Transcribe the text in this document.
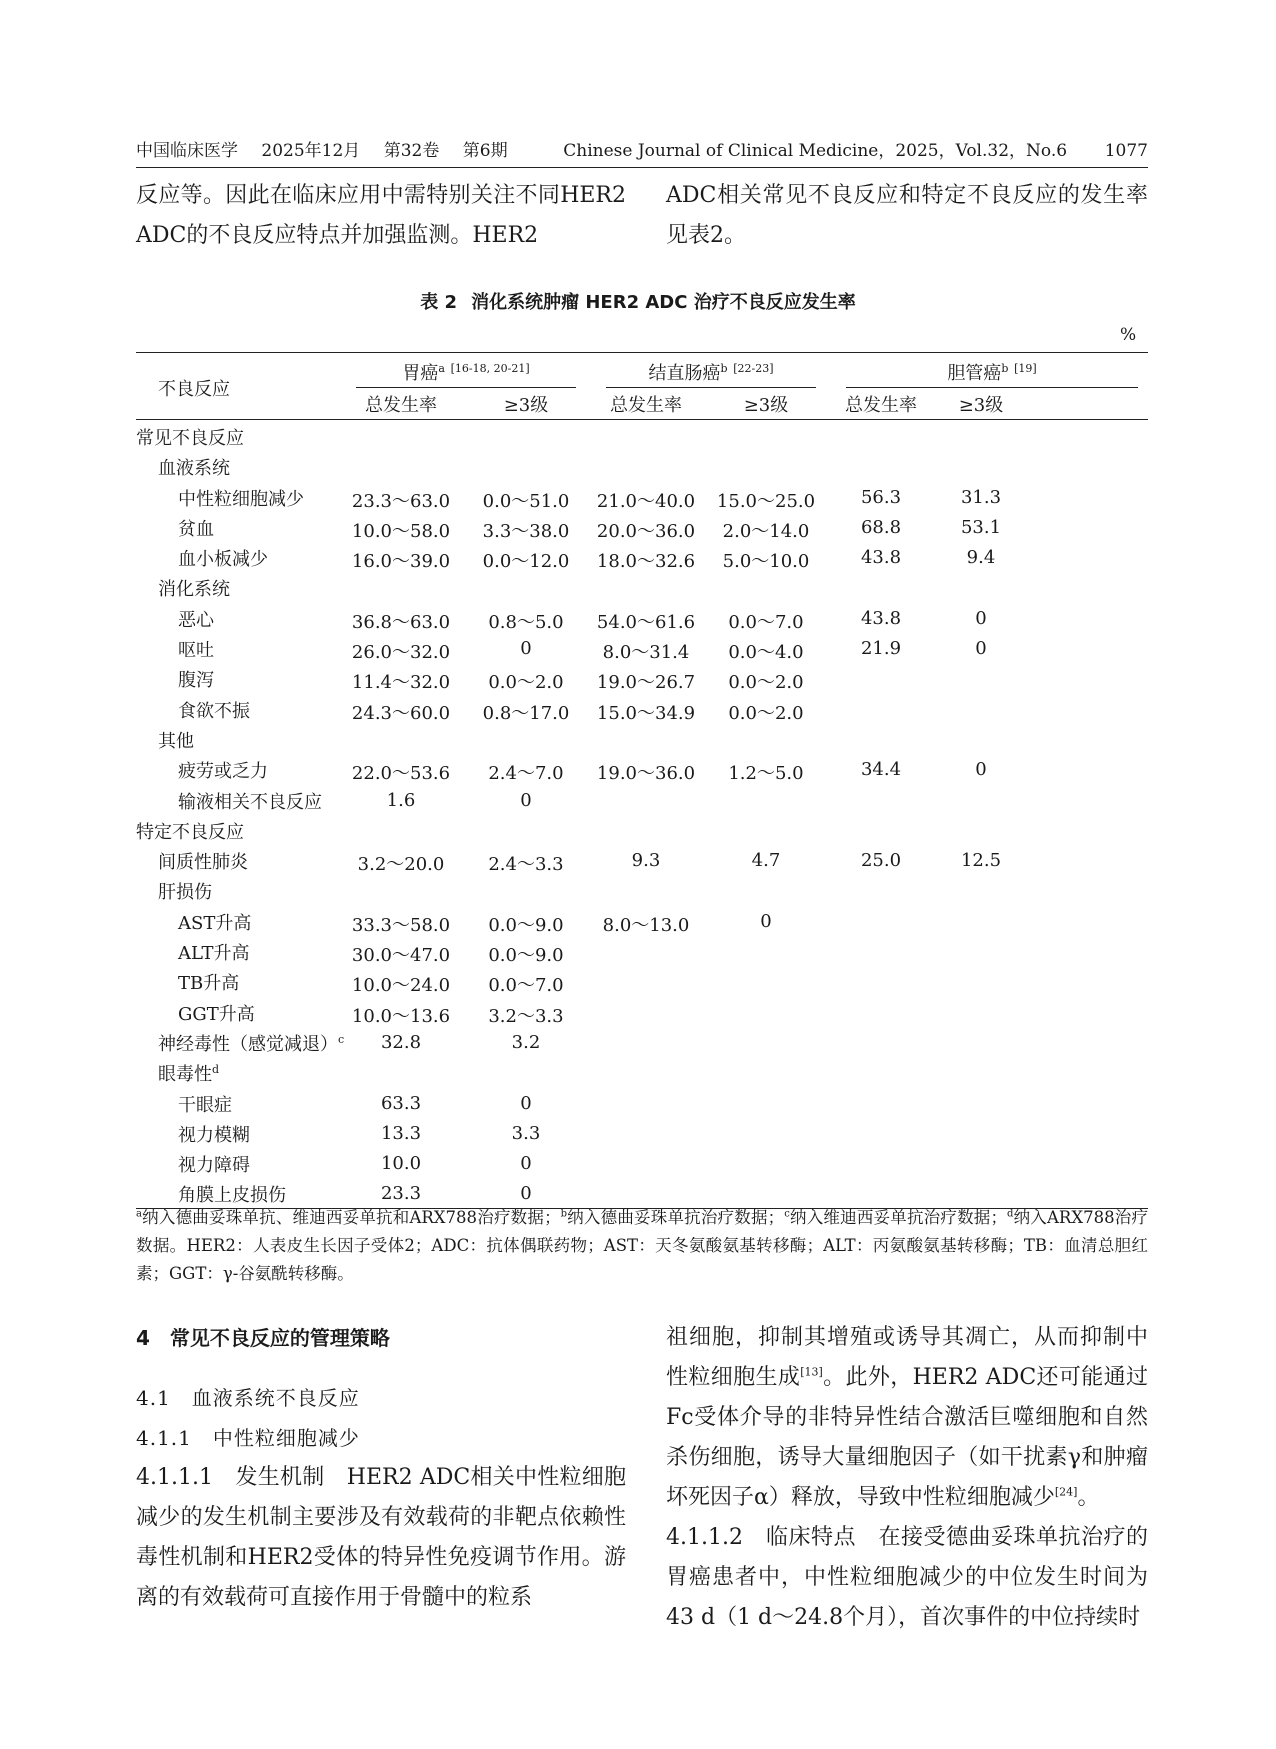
中国临床医学 2025年12月 第32卷 第6期	Chinese Journal of Clinical Medicine，2025，Vol.32，No.6 1077

反应等。因此在临床应用中需特别关注不同HER2 ADC的不良反应特点并加强监测。HER2

ADC相关常见不良反应和特定不良反应的发生率见表2。

表 2 消化系统肿瘤 HER2 ADC 治疗不良反应发生率
%
不良反应
胃癌$^a$ [16-18, 20-21]	结直肠癌$^b$ [22-23]	胆管癌$^b$ [19]
总发生率	≥3级	总发生率	≥3级	总发生率	≥3级
常见不良反应
血液系统
中性粒细胞减少	23.3～63.0	0.0～51.0	21.0～40.0	15.0～25.0	56.3	31.3
贫血	10.0～58.0	3.3～38.0	20.0～36.0	2.0～14.0	68.8	53.1
血小板减少	16.0～39.0	0.0～12.0	18.0～32.6	5.0～10.0	43.8	9.4
消化系统
恶心	36.8～63.0	0.8～5.0	54.0～61.6	0.0～7.0	43.8	0
呕吐	26.0～32.0	0	8.0～31.4	0.0～4.0	21.9	0
腹泻	11.4～32.0	0.0～2.0	19.0～26.7	0.0～2.0
食欲不振	24.3～60.0	0.8～17.0	15.0～34.9	0.0～2.0
其他
疲劳或乏力	22.0～53.6	2.4～7.0	19.0～36.0	1.2～5.0	34.4	0
输液相关不良反应	1.6	0
特定不良反应
间质性肺炎	3.2～20.0	2.4～3.3	9.3	4.7	25.0	12.5
肝损伤
AST升高	33.3～58.0	0.0～9.0	8.0～13.0	0
ALT升高	30.0～47.0	0.0～9.0
TB升高	10.0～24.0	0.0～7.0
GGT升高	10.0～13.6	3.2～3.3
神经毒性（感觉减退）$^c$	32.8	3.2
眼毒性$^d$
干眼症	63.3	0
视力模糊	13.3	3.3
视力障碍	10.0	0
角膜上皮损伤	23.3	0
$^a$纳入德曲妥珠单抗、维迪西妥单抗和ARX788治疗数据；$^b$纳入德曲妥珠单抗治疗数据；$^c$纳入维迪西妥单抗治疗数据；$^d$纳入ARX788治疗数据。HER2：人表皮生长因子受体2；ADC：抗体偶联药物；AST：天冬氨酸氨基转移酶；ALT：丙氨酸氨基转移酶；TB：血清总胆红素；GGT：γ-谷氨酰转移酶。

4　常见不良反应的管理策略

4.1　血液系统不良反应

4.1.1　中性粒细胞减少

4.1.1.1　发生机制　 HER2 ADC相关中性粒细胞减少的发生机制主要涉及有效载荷的非靶点依赖性毒性机制和HER2受体的特异性免疫调节作用。游离的有效载荷可直接作用于骨髓中的粒系

祖细胞，抑制其增殖或诱导其凋亡，从而抑制中性粒细胞生成[13]。此外，HER2 ADC还可能通过Fc受体介导的非特异性结合激活巨噬细胞和自然杀伤细胞，诱导大量细胞因子（如干扰素γ和肿瘤坏死因子α）释放，导致中性粒细胞减少[24]。

4.1.1.2　临床特点　 在接受德曲妥珠单抗治疗的胃癌患者中，中性粒细胞减少的中位发生时间为43 d（1 d～24.8个月），首次事件的中位持续时
